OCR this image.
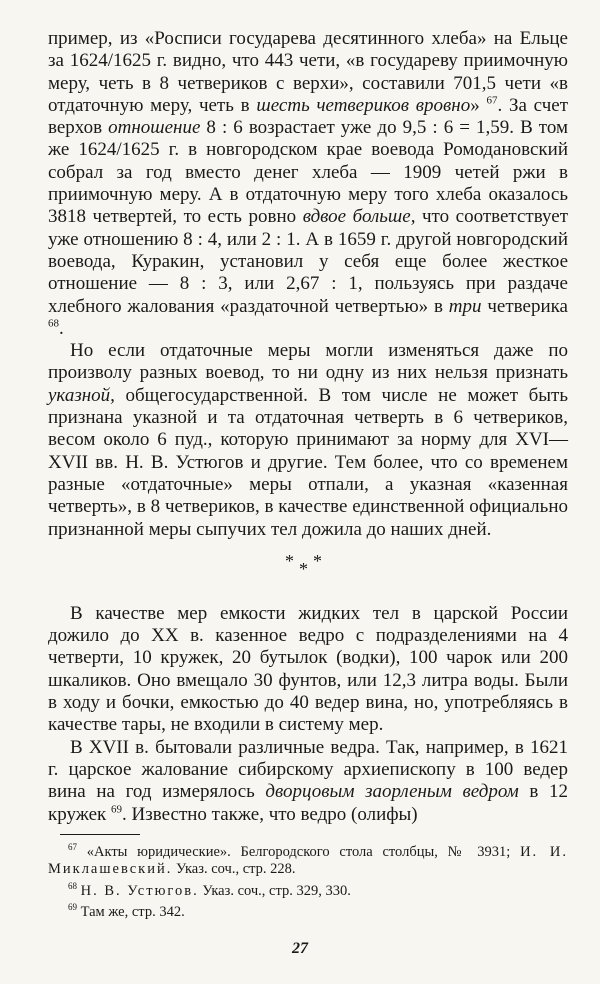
пример, из «Росписи государева десятинного хлеба» на Ельце за 1624/1625 г. видно, что 443 чети, «в государеву приимочную меру, четь в 8 четвериков с верхи», составили 701,5 чети «в отдаточную меру, четь в шесть четвериков вровно» $^{67}$. За счет верхов отношение 8 : 6 возрастает уже до 9,5 : 6 = 1,59. В том же 1624/1625 г. в новгородском крае воевода Ромодановский собрал за год вместо денег хлеба — 1909 четей ржи в приимочную меру. А в отдаточную меру того хлеба оказалось 3818 четвертей, то есть ровно вдвое больше, что соответствует уже отношению 8 : 4, или 2 : 1. А в 1659 г. другой новгородский воевода, Куракин, установил у себя еще более жесткое отношение — 8 : 3, или 2,67 : 1, пользуясь при раздаче хлебного жалования «раздаточной четвертью» в три четверика $^{68}$.

Но если отдаточные меры могли изменяться даже по произволу разных воевод, то ни одну из них нельзя признать указной, общегосударственной. В том числе не может быть признана указной и та отдаточная четверть в 6 четвериков, весом около 6 пуд., которую принимают за норму для XVI—XVII вв. Н. В. Устюгов и другие. Тем более, что со временем разные «отдаточные» меры отпали, а указная «казенная четверть», в 8 четвериков, в качестве единственной официально признанной меры сыпучих тел дожила до наших дней.

* * *

В качестве мер емкости жидких тел в царской России дожило до XX в. казенное ведро с подразделениями на 4 четверти, 10 кружек, 20 бутылок (водки), 100 чарок или 200 шкаликов. Оно вмещало 30 фунтов, или 12,3 литра воды. Были в ходу и бочки, емкостью до 40 ведер вина, но, употребляясь в качестве тары, не входили в систему мер.

В XVII в. бытовали различные ведра. Так, например, в 1621 г. царское жалование сибирскому архиепископу в 100 ведер вина на год измерялось дворцовым заорленым ведром в 12 кружек $^{69}$. Известно также, что ведро (олифы)

$^{67}$ «Акты юридические». Белгородского стола столбцы, № 3931; И. И. Миклашевский. Указ. соч., стр. 228.

$^{68}$ Н. В. Устюгов. Указ. соч., стр. 329, 330.

$^{69}$ Там же, стр. 342.

27
